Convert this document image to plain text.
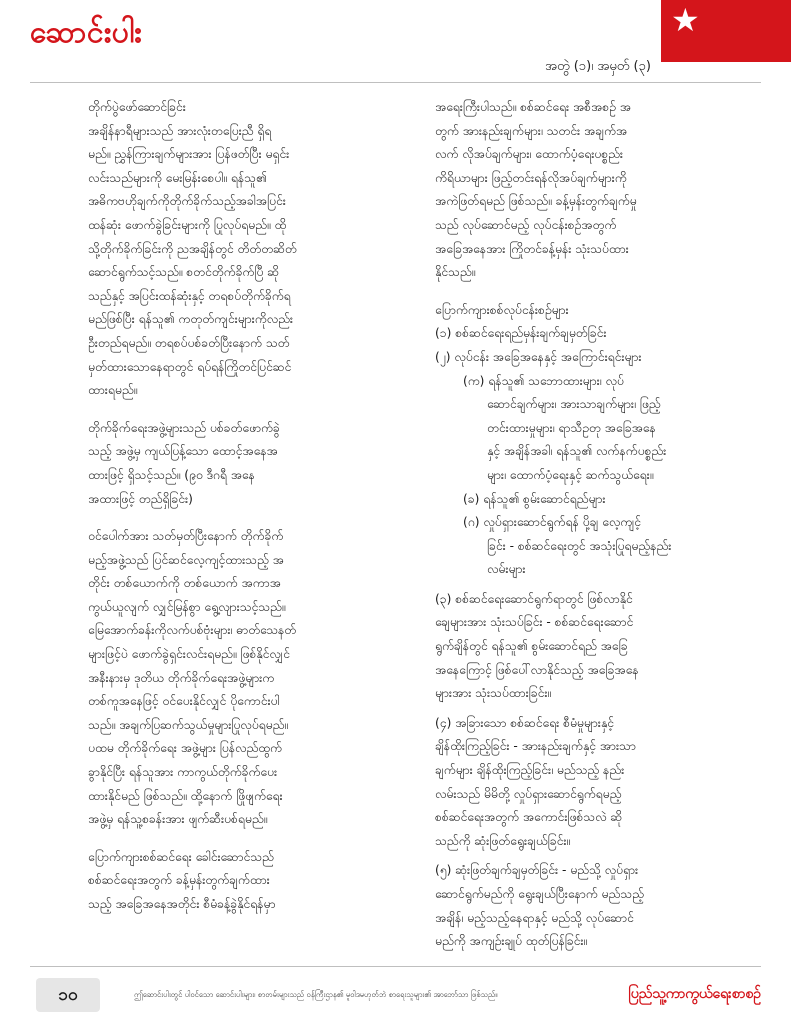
ဆောင်းပါး
အတွဲ (၁)၊ အမှတ် (၃)
★
တိုက်ပွဲဖော်ဆောင်ခြင်း
အချိန်နာရီများသည် အားလုံးတပြေးညီ ရှိရ
မည်။ ညွှန်ကြားချက်များအား ပြန်ဖတ်ပြီး မရှင်း
လင်းသည်များကို မေးမြန်းစေပါ။ ရန်သူ၏
အဓိကဗဟိုချက်ကိုတိုက်ခိုက်သည့်အခါအပြင်း
ထန်ဆုံး ဖောက်ခွဲခြင်းများကို ပြုလုပ်ရမည်။ ထို
သို့တိုက်ခိုက်ခြင်းကို ညအချိန်တွင် တိတ်တဆိတ်
ဆောင်ရွက်သင့်သည်။ စတင်တိုက်ခိုက်ပြီ ဆို
သည်နှင့် အပြင်းထန်ဆုံးနှင့် တရစပ်တိုက်ခိုက်ရ
မည်ဖြစ်ပြီး ရန်သူ၏ ကတုတ်ကျင်းများကိုလည်း
ဦးတည်ရမည်။ တရစပ်ပစ်ခတ်ပြီးနောက် သတ်
မှတ်ထားသောနေရာတွင် ရပ်ရန်ကြိုတင်ပြင်ဆင်
ထားရမည်။
တိုက်ခိုက်ရေးအဖွဲ့များသည် ပစ်ခတ်ဖောက်ခွဲ
သည့် အဖွဲ့မှ ကျယ်ပြန့်သော ထောင့်အနေအ
ထားဖြင့် ရှိသင့်သည်။ (၉၀ ဒီဂရီ အနေ
အထားဖြင့် တည်ရှိခြင်း)
ဝင်ပေါက်အား သတ်မှတ်ပြီးနောက် တိုက်ခိုက်
မည့်အဖွဲ့သည် ပြင်ဆင်လေ့ကျင့်ထားသည့် အ
တိုင်း တစ်ယောက်ကို တစ်ယောက် အကာအ
ကွယ်ယူလျက် လျှင်မြန်စွာ ရွေ့လျားသင့်သည်။
မြေအောက်ခန်းကိုလက်ပစ်ဗုံးများ၊ ဓာတ်သေနတ်
များဖြင့်ပဲ ဖောက်ခွဲရှင်းလင်းရမည်။ ဖြစ်နိုင်လျှင်
အနီးနားမှ ဒုတိယ တိုက်ခိုက်ရေးအဖွဲ့များက
တစ်ကူအနေဖြင့် ဝင်ပေးနိုင်လျှင် ပိုကောင်းပါ
သည်။ အချက်ပြဆက်သွယ်မှုများပြုလုပ်ရမည်။
ပထမ တိုက်ခိုက်ရေး အဖွဲ့များ ပြန်လည်ထွက်
ခွာနိုင်ပြီး ရန်သူအား ကာကွယ်တိုက်ခိုက်ပေး
ထားနိုင်မည် ဖြစ်သည်။ ထို့နောက် ဖြိုဖျက်ရေး
အဖွဲ့မှ ရန်သူ့စခန်းအား ဖျက်ဆီးပစ်ရမည်။
ပြောက်ကျားစစ်ဆင်ရေး ခေါင်းဆောင်သည်
စစ်ဆင်ရေးအတွက် ခန့်မှန်းတွက်ချက်ထား
သည့် အခြေအနေအတိုင်း စီမံခန့်ခွဲနိုင်ရန်မှာ
အရေးကြီးပါသည်။ စစ်ဆင်ရေး အစီအစဉ် အ
တွက် အားနည်းချက်များ၊ သတင်း အချက်အ
လက် လိုအပ်ချက်များ၊ ထောက်ပံ့ရေးပစ္စည်း
ကိရိယာများ ဖြည့်တင်းရန်လိုအပ်ချက်များကို
အကဲဖြတ်ရမည် ဖြစ်သည်။ ခန့်မှန်းတွက်ချက်မှု
သည် လုပ်ဆောင်မည့် လုပ်ငန်းစဉ်အတွက်
အခြေအနေအား ကြိုတင်ခန့်မှန်း သုံးသပ်ထား
နိုင်သည်။
ပြောက်ကျားစစ်လုပ်ငန်းစဉ်များ
(၁) စစ်ဆင်ရေးရည်မှန်းချက်ချမှတ်ခြင်း
(၂) လုပ်ငန်း အခြေအနေနှင့် အကြောင်းရင်းများ
(က) ရန်သူ၏ သဘောထားများ၊ လုပ်
ဆောင်ချက်များ၊ အားသာချက်များ၊ ဖြည့်
တင်းထားမှုများ၊ ရာသီဥတု အခြေအနေ
နှင့် အချိန်အခါ၊ ရန်သူ၏ လက်နက်ပစ္စည်း
များ၊ ထောက်ပံ့ရေးနှင့် ဆက်သွယ်ရေး။
(ခ) ရန်သူ၏ စွမ်းဆောင်ရည်များ
(ဂ) လှုပ်ရှားဆောင်ရွက်ရန် ပို့ချ လေ့ကျင့်
ခြင်း - စစ်ဆင်ရေးတွင် အသုံးပြုရမည့်နည်း
လမ်းများ
(၃) စစ်ဆင်ရေးဆောင်ရွက်ရာတွင် ဖြစ်လာနိုင်
ချေများအား သုံးသပ်ခြင်း - စစ်ဆင်ရေးဆောင်
ရွက်ချိန်တွင် ရန်သူ၏ စွမ်းဆောင်ရည် အခြေ
အနေကြောင့် ဖြစ်ပေါ်လာနိုင်သည့် အခြေအနေ
များအား သုံးသပ်ထားခြင်း။
(၄) အခြားသော စစ်ဆင်ရေး စီမံမှုများနှင့်
ချိန်ထိုးကြည့်ခြင်း - အားနည်းချက်နှင့် အားသာ
ချက်များ ချိန်ထိုးကြည့်ခြင်း၊ မည်သည့် နည်း
လမ်းသည် မိမိတို့ လှုပ်ရှားဆောင်ရွက်ရမည့်
စစ်ဆင်ရေးအတွက် အကောင်းဖြစ်သလဲ ဆို
သည်ကို ဆုံးဖြတ်ရွေးချယ်ခြင်း။
(၅) ဆုံးဖြတ်ချက်ချမှတ်ခြင်း - မည်သို့ လှုပ်ရှား
ဆောင်ရွက်မည်ကို ရွေးချယ်ပြီးနောက် မည်သည့်
အချိန်၊ မည့်သည့်နေရာနှင့် မည်သို့ လုပ်ဆောင်
မည်ကို အကျဉ်းချုပ် ထုတ်ပြန်ခြင်း။
၁၀	ဤဆောင်းပါးတွင် ပါဝင်သော ဆောင်းပါးများ၊ စာတမ်းများသည် ဝန်ကြီးဌာန၏ မူဝါဒမဟုတ်ဘဲ စာရေးသူများ၏ အာဘော်သာ ဖြစ်သည်။	ပြည်သူ့ကာကွယ်ရေးစာစဉ်
